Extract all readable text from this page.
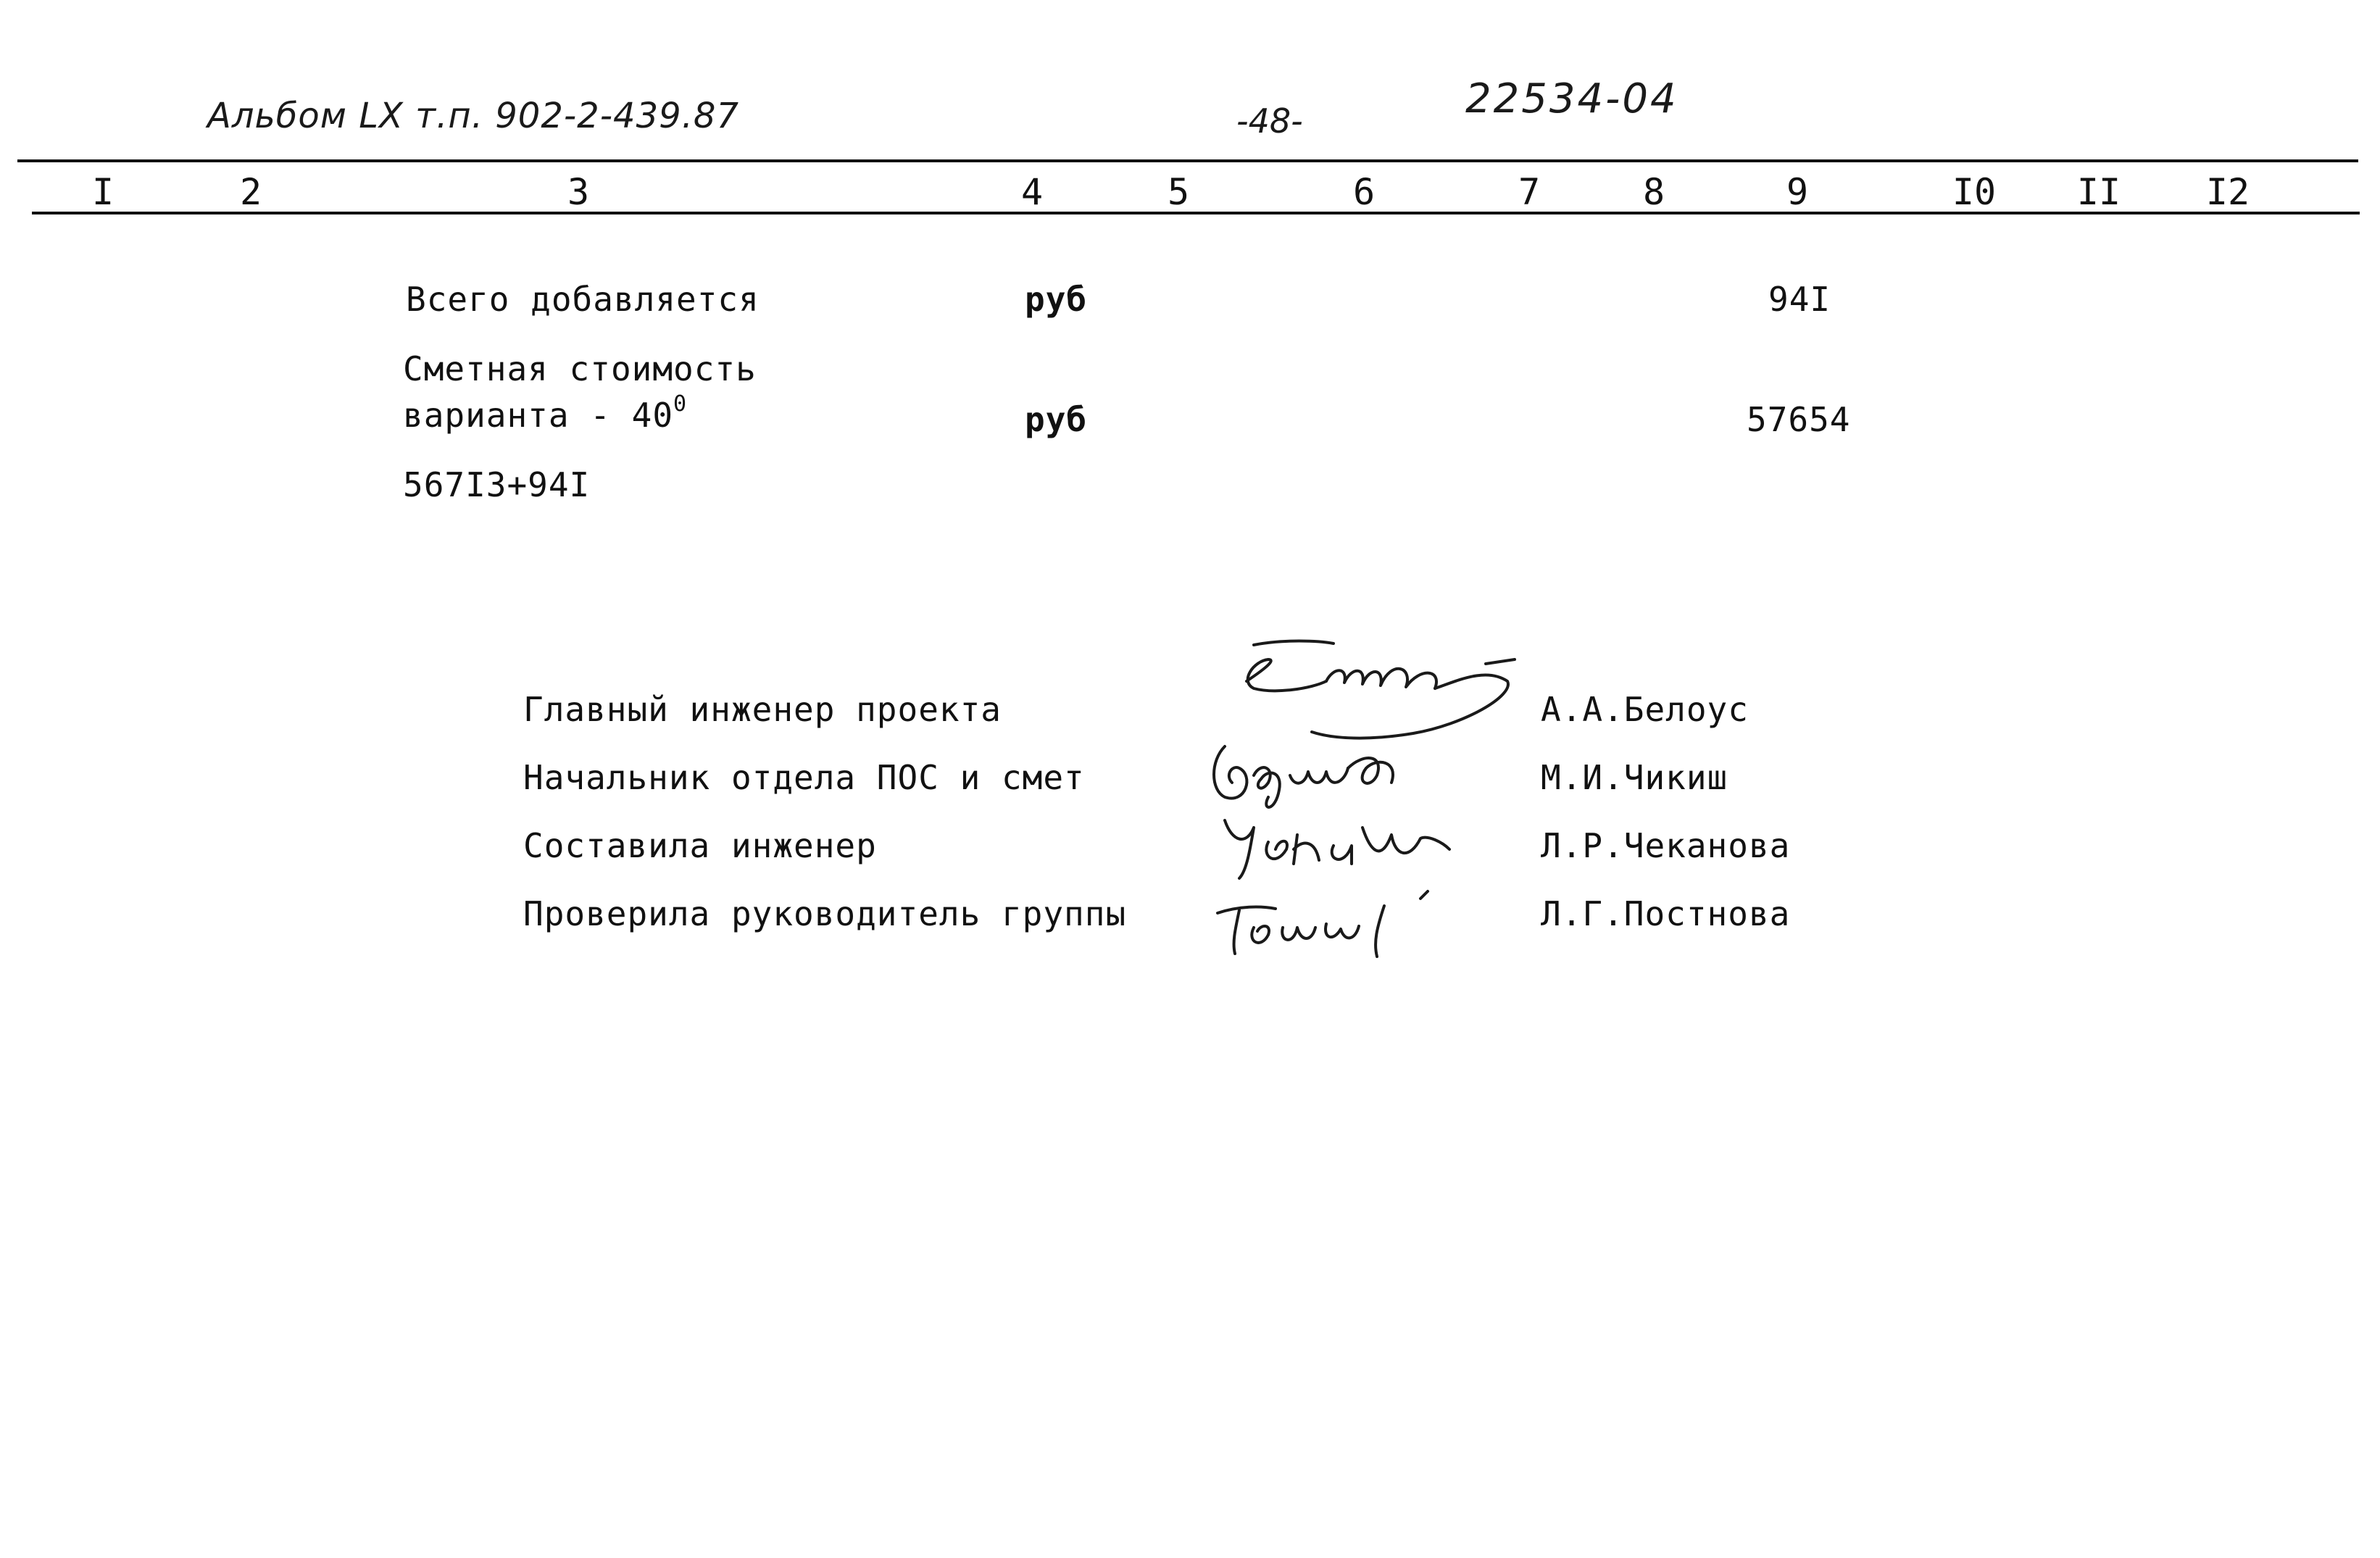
Альбом LX т.п. 902-2-439.87	-48-	22534-04
I	2	3	4	5	6	7	8	9	I0 II I2
Всего добавляется	руб	94I
Сметная стоимость
варианта - $40^0$	руб	57654
567I3+94I
Главный инженер проекта	А.А.Белоус
Начальник отдела ПОС и смет	М.И.Чикиш
Составила инженер	Л.Р.Чеканова
Проверила руководитель группы	Л.Г.Постнова
